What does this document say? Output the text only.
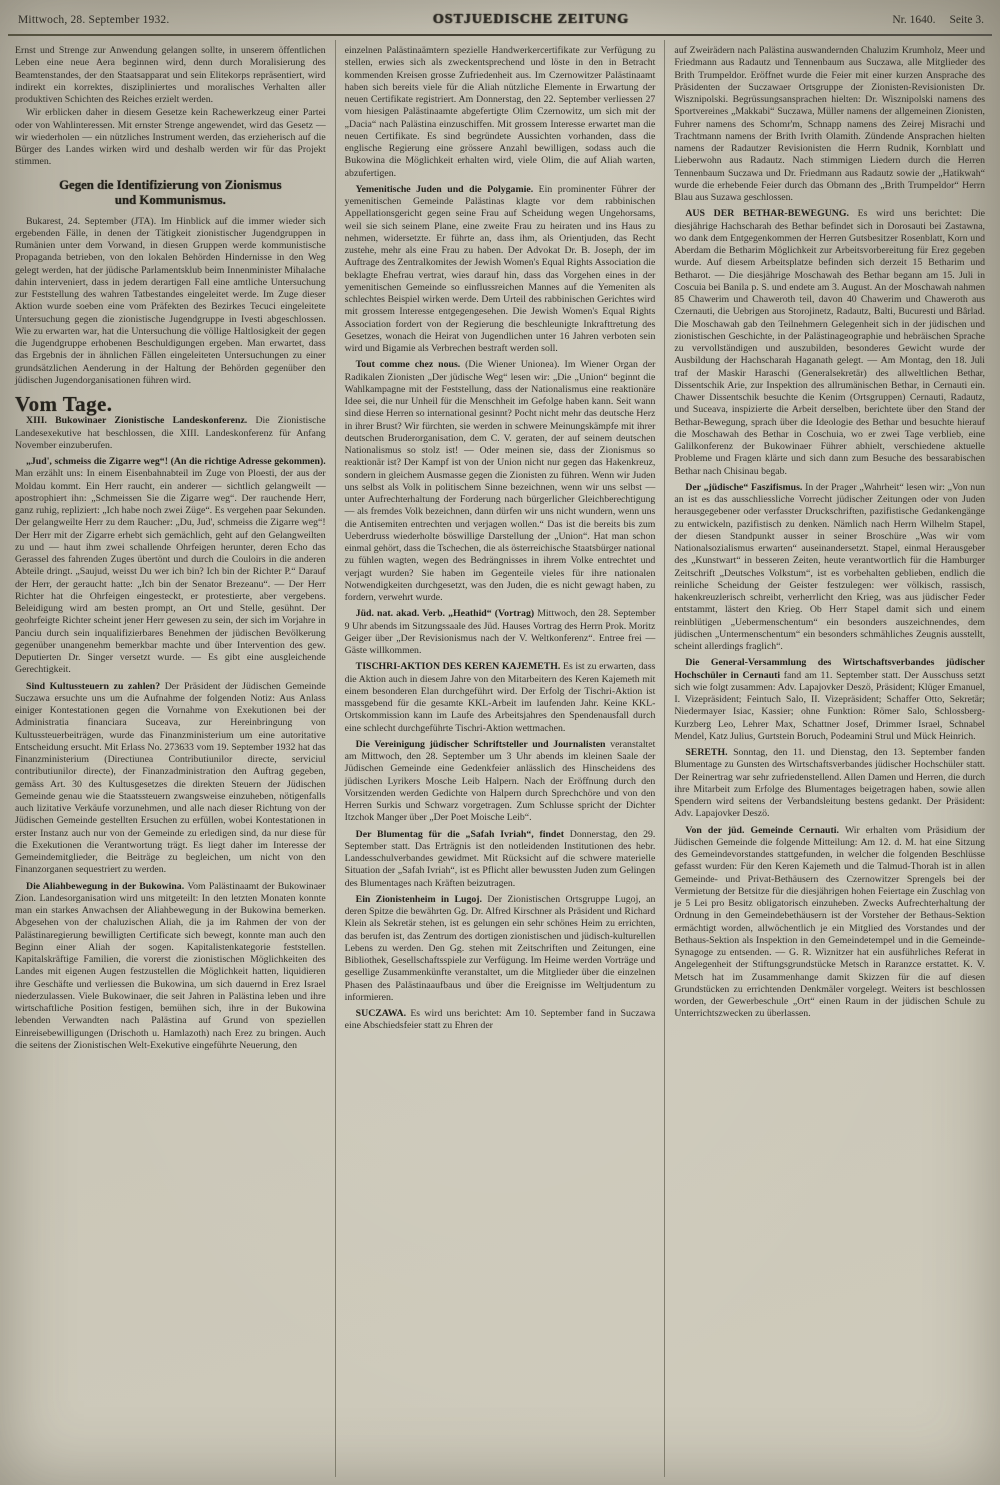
Mittwoch, 28. September 1932.	OSTJUEDISCHE ZEITUNG	Nr. 1640. Seite 3.

Ernst und Strenge zur Anwendung gelangen sollte, in unserem öffentlichen Leben eine neue Aera beginnen wird, denn durch Moralisierung des Beamtenstandes, der den Staatsapparat und sein Elitekorps repräsentiert, wird indirekt ein korrektes, diszipliniertes und moralisches Verhalten aller produktiven Schichten des Reiches erzielt werden.

Wir erblicken daher in diesem Gesetze kein Rachewerkzeug einer Partei oder von Wahlinteressen. Mit ernster Strenge angewendet, wird das Gesetz — wir wiederholen — ein nützliches Instrument werden, das erzieherisch auf die Bürger des Landes wirken wird und deshalb werden wir für das Projekt stimmen.

Gegen die Identifizierung von Zionismus
und Kommunismus.

Bukarest, 24. September (JTA). Im Hinblick auf die immer wieder sich ergebenden Fälle, in denen der Tätigkeit zionistischer Jugendgruppen in Rumänien unter dem Vorwand, in diesen Gruppen werde kommunistische Propaganda betrieben, von den lokalen Behörden Hindernisse in den Weg gelegt werden, hat der jüdische Parlamentsklub beim Innenminister Mihalache dahin interveniert, dass in jedem derartigen Fall eine amtliche Untersuchung zur Feststellung des wahren Tatbestandes eingeleitet werde. Im Zuge dieser Aktion wurde soeben eine vom Präfekten des Bezirkes Tecuci eingeleitete Untersuchung gegen die zionistische Jugendgruppe in Ivesti abgeschlossen. Wie zu erwarten war, hat die Untersuchung die völlige Haltlosigkeit der gegen die Jugendgruppe erhobenen Beschuldigungen ergeben. Man erwartet, dass das Ergebnis der in ähnlichen Fällen eingeleiteten Untersuchungen zu einer grundsätzlichen Aenderung in der Haltung der Behörden gegenüber den jüdischen Jugendorganisationen führen wird.

Vom Tage.

XIII. Bukowinaer Zionistische Landeskonferenz. Die Zionistische Landesexekutive hat beschlossen, die XIII. Landeskonferenz für Anfang November einzuberufen.

„Jud', schmeiss die Zigarre weg“! (An die richtige Adresse gekommen). Man erzählt uns: In einem Eisenbahnabteil im Zuge von Ploesti, der aus der Moldau kommt. Ein Herr raucht, ein anderer — sichtlich gelangweilt — apostrophiert ihn: „Schmeissen Sie die Zigarre weg“. Der rauchende Herr, ganz ruhig, repliziert: „Ich habe noch zwei Züge“. Es vergehen paar Sekunden. Der gelangweilte Herr zu dem Raucher: „Du, Jud', schmeiss die Zigarre weg“! Der Herr mit der Zigarre erhebt sich gemächlich, geht auf den Gelangweilten zu und — haut ihm zwei schallende Ohrfeigen herunter, deren Echo das Gerassel des fahrenden Zuges übertönt und durch die Couloirs in die anderen Abteile dringt. „Saujud, weisst Du wer ich bin? Ich bin der Richter P.“ Darauf der Herr, der geraucht hatte: „Ich bin der Senator Brezeanu“. — Der Herr Richter hat die Ohrfeigen eingesteckt, er protestierte, aber vergebens. Beleidigung wird am besten prompt, an Ort und Stelle, gesühnt. Der geohrfeigte Richter scheint jener Herr gewesen zu sein, der sich im Vorjahre in Panciu durch sein inqualifizierbares Benehmen der jüdischen Bevölkerung gegenüber unangenehm bemerkbar machte und über Intervention des gew. Deputierten Dr. Singer versetzt wurde. — Es gibt eine ausgleichende Gerechtigkeit.

Sind Kultussteuern zu zahlen? Der Präsident der Jüdischen Gemeinde Suczawa ersuchte uns um die Aufnahme der folgenden Notiz: Aus Anlass einiger Kontestationen gegen die Vornahme von Exekutionen bei der Administratia financiara Suceava, zur Hereinbringung von Kultussteuerbeiträgen, wurde das Finanzministerium um eine autoritative Entscheidung ersucht. Mit Erlass No. 273633 vom 19. September 1932 hat das Finanzministerium (Directiunea Contributiunilor directe, serviciul contributiunilor directe), der Finanzadministration den Auftrag gegeben, gemäss Art. 30 des Kultusgesetzes die direkten Steuern der Jüdischen Gemeinde genau wie die Staatssteuern zwangsweise einzuheben, nötigenfalls auch lizitative Verkäufe vorzunehmen, und alle nach dieser Richtung von der Jüdischen Gemeinde gestellten Ersuchen zu erfüllen, wobei Kontestationen in erster Instanz auch nur von der Gemeinde zu erledigen sind, da nur diese für die Exekutionen die Verantwortung trägt. Es liegt daher im Interesse der Gemeindemitglieder, die Beiträge zu begleichen, um nicht von den Finanzorganen sequestriert zu werden.

Die Aliahbewegung in der Bukowina. Vom Palästinaamt der Bukowinaer Zion. Landesorganisation wird uns mitgeteilt: In den letzten Monaten konnte man ein starkes Anwachsen der Aliahbewegung in der Bukowina bemerken. Abgesehen von der chaluzischen Aliah, die ja im Rahmen der von der Palästinaregierung bewilligten Certificate sich bewegt, konnte man auch den Beginn einer Aliah der sogen. Kapitalistenkategorie feststellen. Kapitalskräftige Familien, die vorerst die zionistischen Möglichkeiten des Landes mit eigenen Augen festzustellen die Möglichkeit hatten, liquidieren ihre Geschäfte und verliessen die Bukowina, um sich dauernd in Erez Israel niederzulassen. Viele Bukowinaer, die seit Jahren in Palästina leben und ihre wirtschaftliche Position festigen, bemühen sich, ihre in der Bukowina lebenden Verwandten nach Palästina auf Grund von speziellen Einreisebewilligungen (Drischoth u. Hamlazoth) nach Erez zu bringen. Auch die seitens der Zionistischen Welt-Exekutive eingeführte Neuerung, den

einzelnen Palästinaämtern spezielle Handwerkercertifikate zur Verfügung zu stellen, erwies sich als zweckentsprechend und löste in den in Betracht kommenden Kreisen grosse Zufriedenheit aus. Im Czernowitzer Palästinaamt haben sich bereits viele für die Aliah nützliche Elemente in Erwartung der neuen Certifikate registriert. Am Donnerstag, den 22. September verliessen 27 vom hiesigen Palästinaamte abgefertigte Olim Czernowitz, um sich mit der „Dacia“ nach Palästina einzuschiffen. Mit grossem Interesse erwartet man die neuen Certifikate. Es sind begründete Aussichten vorhanden, dass die englische Regierung eine grössere Anzahl bewilligen, sodass auch die Bukowina die Möglichkeit erhalten wird, viele Olim, die auf Aliah warten, abzufertigen.

Yemenitische Juden und die Polygamie. Ein prominenter Führer der yemenitischen Gemeinde Palästinas klagte vor dem rabbinischen Appellationsgericht gegen seine Frau auf Scheidung wegen Ungehorsams, weil sie sich seinem Plane, eine zweite Frau zu heiraten und ins Haus zu nehmen, widersetzte. Er führte an, dass ihm, als Orientjuden, das Recht zustehe, mehr als eine Frau zu haben. Der Advokat Dr. B. Joseph, der im Auftrage des Zentralkomites der Jewish Women's Equal Rights Association die beklagte Ehefrau vertrat, wies darauf hin, dass das Vorgehen eines in der yemenitischen Gemeinde so einflussreichen Mannes auf die Yemeniten als schlechtes Beispiel wirken werde. Dem Urteil des rabbinischen Gerichtes wird mit grossem Interesse entgegengesehen. Die Jewish Women's Equal Rights Association fordert von der Regierung die beschleunigte Inkrafttretung des Gesetzes, wonach die Heirat von Jugendlichen unter 16 Jahren verboten sein wird und Bigamie als Verbrechen bestraft werden soll.

Tout comme chez nous. (Die Wiener Unionea). Im Wiener Organ der Radikalen Zionisten „Der jüdische Weg“ lesen wir: „Die „Union“ beginnt die Wahlkampagne mit der Feststellung, dass der Nationalismus eine reaktionäre Idee sei, die nur Unheil für die Menschheit im Gefolge haben kann. Seit wann sind diese Herren so international gesinnt? Pocht nicht mehr das deutsche Herz in ihrer Brust? Wir fürchten, sie werden in schwere Meinungskämpfe mit ihrer deutschen Bruderorganisation, dem C. V. geraten, der auf seinem deutschen Nationalismus so stolz ist! — Oder meinen sie, dass der Zionismus so reaktionär ist? Der Kampf ist von der Union nicht nur gegen das Hakenkreuz, sondern in gleichem Ausmasse gegen die Zionisten zu führen. Wenn wir Juden uns selbst als Volk in politischem Sinne bezeichnen, wenn wir uns selbst — unter Aufrechterhaltung der Forderung nach bürgerlicher Gleichberechtigung — als fremdes Volk bezeichnen, dann dürfen wir uns nicht wundern, wenn uns die Antisemiten entrechten und verjagen wollen.“ Das ist die bereits bis zum Ueberdruss wiederholte böswillige Darstellung der „Union“. Hat man schon einmal gehört, dass die Tschechen, die als österreichische Staatsbürger national zu fühlen wagten, wegen des Bedrängnisses in ihrem Volke entrechtet und verjagt wurden? Sie haben im Gegenteile vieles für ihre nationalen Notwendigkeiten durchgesetzt, was den Juden, die es nicht gewagt haben, zu fordern, verwehrt wurde.

Jüd. nat. akad. Verb. „Heathid“ (Vortrag) Mittwoch, den 28. September 9 Uhr abends im Sitzungssaale des Jüd. Hauses Vortrag des Herrn Prok. Moritz Geiger über „Der Revisionismus nach der V. Weltkonferenz“. Entree frei — Gäste willkommen.

TISCHRI-AKTION DES KEREN KAJEMETH. Es ist zu erwarten, dass die Aktion auch in diesem Jahre von den Mitarbeitern des Keren Kajemeth mit einem besonderen Elan durchgeführt wird. Der Erfolg der Tischri-Aktion ist massgebend für die gesamte KKL-Arbeit im laufenden Jahr. Keine KKL-Ortskommission kann im Laufe des Arbeitsjahres den Spendenausfall durch eine schlecht durchgeführte Tischri-Aktion wettmachen.

Die Vereinigung jüdischer Schriftsteller und Journalisten veranstaltet am Mittwoch, den 28. September um 3 Uhr abends im kleinen Saale der Jüdischen Gemeinde eine Gedenkfeier anlässlich des Hinscheidens des jüdischen Lyrikers Mosche Leib Halpern. Nach der Eröffnung durch den Vorsitzenden werden Gedichte von Halpern durch Sprechchöre und von den Herren Surkis und Schwarz vorgetragen. Zum Schlusse spricht der Dichter Itzchok Manger über „Der Poet Moische Leib“.

Der Blumentag für die „Safah Ivriah“, findet Donnerstag, den 29. September statt. Das Erträgnis ist den notleidenden Institutionen des hebr. Landesschulverbandes gewidmet. Mit Rücksicht auf die schwere materielle Situation der „Safah Ivriah“, ist es Pflicht aller bewussten Juden zum Gelingen des Blumentages nach Kräften beizutragen.

Ein Zionistenheim in Lugoj. Der Zionistischen Ortsgruppe Lugoj, an deren Spitze die bewährten Gg. Dr. Alfred Kirschner als Präsident und Richard Klein als Sekretär stehen, ist es gelungen ein sehr schönes Heim zu errichten, das berufen ist, das Zentrum des dortigen zionistischen und jüdisch-kulturellen Lebens zu werden. Den Gg. stehen mit Zeitschriften und Zeitungen, eine Bibliothek, Gesellschaftsspiele zur Verfügung. Im Heime werden Vorträge und gesellige Zusammenkünfte veranstaltet, um die Mitglieder über die einzelnen Phasen des Palästinaaufbaus und über die Ereignisse im Weltjudentum zu informieren.

SUCZAWA. Es wird uns berichtet: Am 10. September fand in Suczawa eine Abschiedsfeier statt zu Ehren der

auf Zweirädern nach Palästina auswandernden Chaluzim Krumholz, Meer und Friedmann aus Radautz und Tennenbaum aus Suczawa, alle Mitglieder des Brith Trumpeldor. Eröffnet wurde die Feier mit einer kurzen Ansprache des Präsidenten der Suczawaer Ortsgruppe der Zionisten-Revisionisten Dr. Wisznipolski. Begrüssungsansprachen hielten: Dr. Wisznipolski namens des Sportvereines „Makkabi“ Suczawa, Müller namens der allgemeinen Zionisten, Fuhrer namens des Schomr'm, Schnapp namens des Zeirej Misrachi und Trachtmann namens der Brith Ivrith Olamith. Zündende Ansprachen hielten namens der Radautzer Revisionisten die Herrn Rudnik, Kornblatt und Lieberwohn aus Radautz. Nach stimmigen Liedern durch die Herren Tennenbaum Suczawa und Dr. Friedmann aus Radautz sowie der „Hatikwah“ wurde die erhebende Feier durch das Obmann des „Brith Trumpeldor“ Herrn Blau aus Suzawa geschlossen.

AUS DER BETHAR-BEWEGUNG. Es wird uns berichtet: Die diesjährige Hachscharah des Bethar befindet sich in Dorosauti bei Zastawna, wo dank dem Entgegenkommen der Herren Gutsbesitzer Rosenblatt, Korn und Aberdam die Betharim Möglichkeit zur Arbeitsvorbereitung für Erez gegeben wurde. Auf diesem Arbeitsplatze befinden sich derzeit 15 Betharim und Betharot. — Die diesjährige Moschawah des Bethar begann am 15. Juli in Coscuia bei Banila p. S. und endete am 3. August. An der Moschawah nahmen 85 Chawerim und Chaweroth teil, davon 40 Chawerim und Chaweroth aus Czernauti, die Uebrigen aus Storojinetz, Radautz, Balti, Bucuresti und Bârlad. Die Moschawah gab den Teilnehmern Gelegenheit sich in der jüdischen und zionistischen Geschichte, in der Palästinageographie und hebräischen Sprache zu vervollständigen und auszubilden, besonderes Gewicht wurde der Ausbildung der Hachscharah Haganath gelegt. — Am Montag, den 18. Juli traf der Maskir Haraschi (Generalsekretär) des allweltlichen Bethar, Dissentschik Arie, zur Inspektion des allrumänischen Bethar, in Cernauti ein. Chawer Dissentschik besuchte die Kenim (Ortsgruppen) Cernauti, Radautz, und Suceava, inspizierte die Arbeit derselben, berichtete über den Stand der Bethar-Bewegung, sprach über die Ideologie des Bethar und besuchte hierauf die Moschawah des Bethar in Coschuia, wo er zwei Tage verblieb, eine Galilkonferenz der Bukowinaer Führer abhielt, verschiedene aktuelle Probleme und Fragen klärte und sich dann zum Besuche des bessarabischen Bethar nach Chisinau begab.

Der „jüdische“ Faszifismus. In der Prager „Wahrheit“ lesen wir: „Von nun an ist es das ausschliessliche Vorrecht jüdischer Zeitungen oder von Juden herausgegebener oder verfasster Druckschriften, pazifistische Gedankengänge zu entwickeln, pazifistisch zu denken. Nämlich nach Herrn Wilhelm Stapel, der diesen Standpunkt ausser in seiner Broschüre „Was wir vom Nationalsozialismus erwarten“ auseinandersetzt. Stapel, einmal Herausgeber des „Kunstwart“ in besseren Zeiten, heute verantwortlich für die Hamburger Zeitschrift „Deutsches Volkstum“, ist es vorbehalten geblieben, endlich die reinliche Scheidung der Geister festzulegen: wer völkisch, rassisch, hakenkreuzlerisch schreibt, verherrlicht den Krieg, was aus jüdischer Feder entstammt, lästert den Krieg. Ob Herr Stapel damit sich und einem reinblütigen „Uebermenschentum“ ein besonders auszeichnendes, dem jüdischen „Untermenschentum“ ein besonders schmähliches Zeugnis ausstellt, scheint allerdings fraglich“.

Die General-Versammlung des Wirtschaftsverbandes jüdischer Hochschüler in Cernauti fand am 11. September statt. Der Ausschuss setzt sich wie folgt zusammen: Adv. Lapajovker Deszö, Präsident; Klüger Emanuel, I. Vizepräsident; Feintuch Salo, II. Vizepräsident; Schaffer Otto, Sekretär; Niedermayer Isiac, Kassier; ohne Funktion: Römer Salo, Schlossberg-Kurzberg Leo, Lehrer Max, Schattner Josef, Drimmer Israel, Schnabel Mendel, Katz Julius, Gurtstein Boruch, Podeamini Strul und Mück Heinrich.

SERETH. Sonntag, den 11. und Dienstag, den 13. September fanden Blumentage zu Gunsten des Wirtschaftsverbandes jüdischer Hochschüler statt. Der Reinertrag war sehr zufriedenstellend. Allen Damen und Herren, die durch ihre Mitarbeit zum Erfolge des Blumentages beigetragen haben, sowie allen Spendern wird seitens der Verbandsleitung bestens gedankt. Der Präsident: Adv. Lapajovker Deszö.

Von der jüd. Gemeinde Cernauti. Wir erhalten vom Präsidium der Jüdischen Gemeinde die folgende Mitteilung: Am 12. d. M. hat eine Sitzung des Gemeindevorstandes stattgefunden, in welcher die folgenden Beschlüsse gefasst wurden: Für den Keren Kajemeth und die Talmud-Thorah ist in allen Gemeinde- und Privat-Bethäusern des Czernowitzer Sprengels bei der Vermietung der Betsitze für die diesjährigen hohen Feiertage ein Zuschlag von je 5 Lei pro Besitz obligatorisch einzuheben. Zwecks Aufrechterhaltung der Ordnung in den Gemeindebethäusern ist der Vorsteher der Bethaus-Sektion ermächtigt worden, allwöchentlich je ein Mitglied des Vorstandes und der Bethaus-Sektion als Inspektion in den Gemeindetempel und in die Gemeinde-Synagoge zu entsenden. — G. R. Wiznitzer hat ein ausführliches Referat in Angelegenheit der Stiftungsgrundstücke Metsch in Raranzce erstattet. K. V. Metsch hat im Zusammenhange damit Skizzen für die auf diesen Grundstücken zu errichtenden Denkmäler vorgelegt. Weiters ist beschlossen worden, der Gewerbeschule „Ort“ einen Raum in der jüdischen Schule zu Unterrichtszwecken zu überlassen.
